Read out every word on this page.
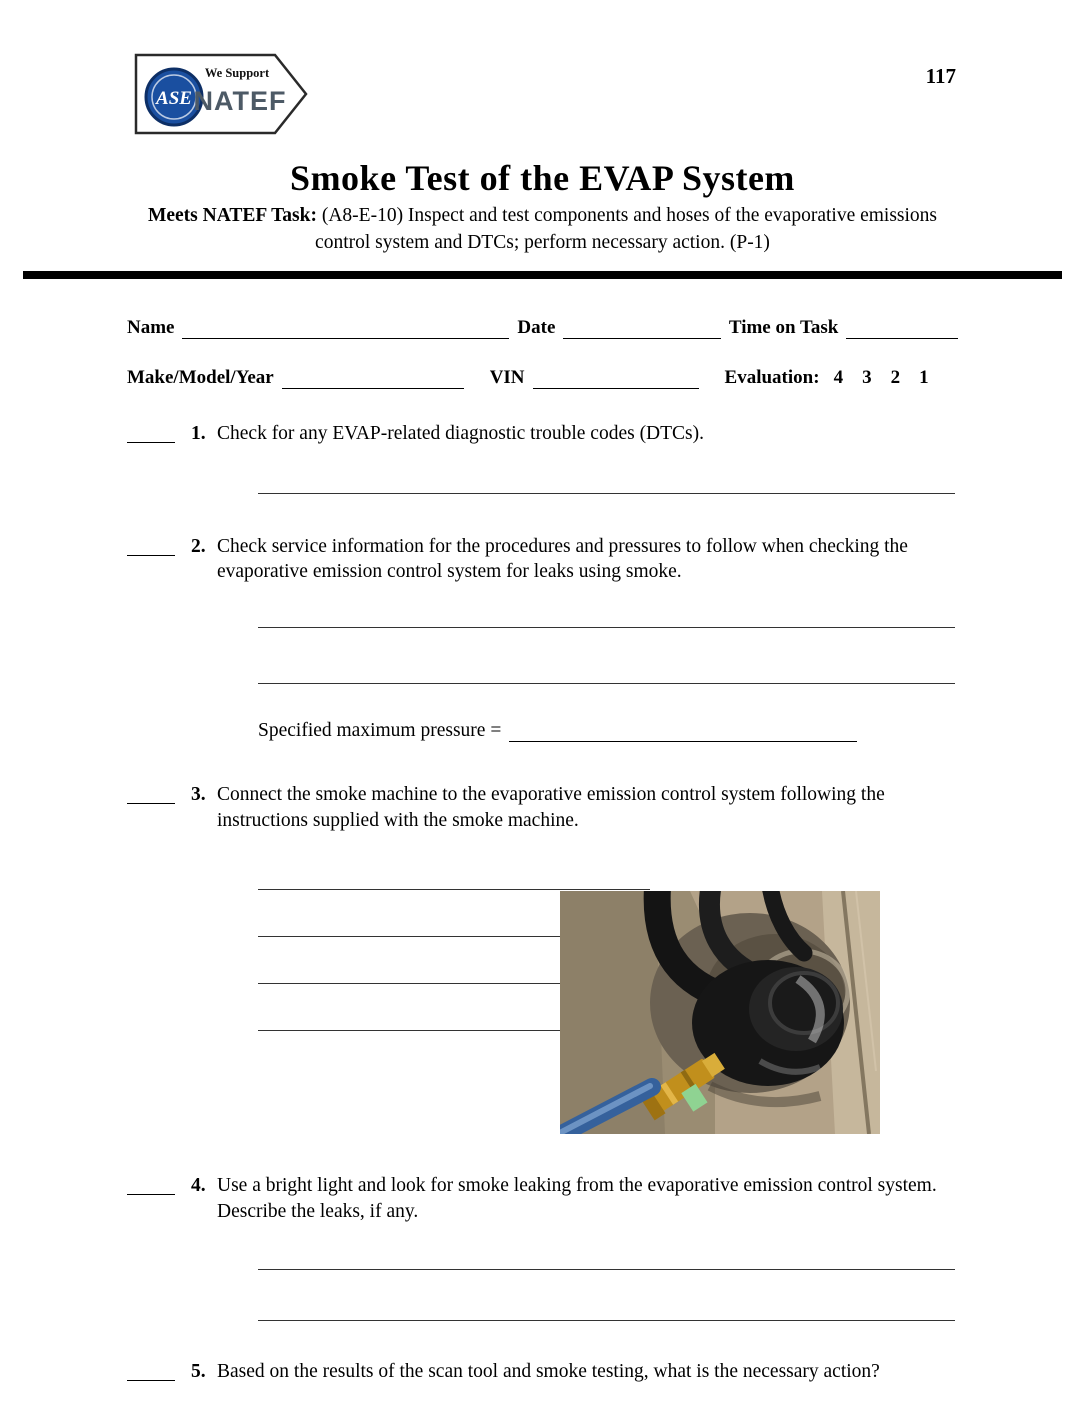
ASE
We Support
NATEF
117
Smoke Test of the EVAP System
Meets NATEF Task: (A8-E-10) Inspect and test components and hoses of the evaporative emissions control system and DTCs; perform necessary action. (P-1)
Name	Date	Time on Task
Make/Model/Year	VIN	Evaluation: 4    3    2    1
1. Check for any EVAP-related diagnostic trouble codes (DTCs).
2. Check service information for the procedures and pressures to follow when checking the evaporative emission control system for leaks using smoke.
Specified maximum pressure =
3. Connect the smoke machine to the evaporative emission control system following the instructions supplied with the smoke machine.
4. Use a bright light and look for smoke leaking from the evaporative emission control system. Describe the leaks, if any.
5. Based on the results of the scan tool and smoke testing, what is the necessary action?
